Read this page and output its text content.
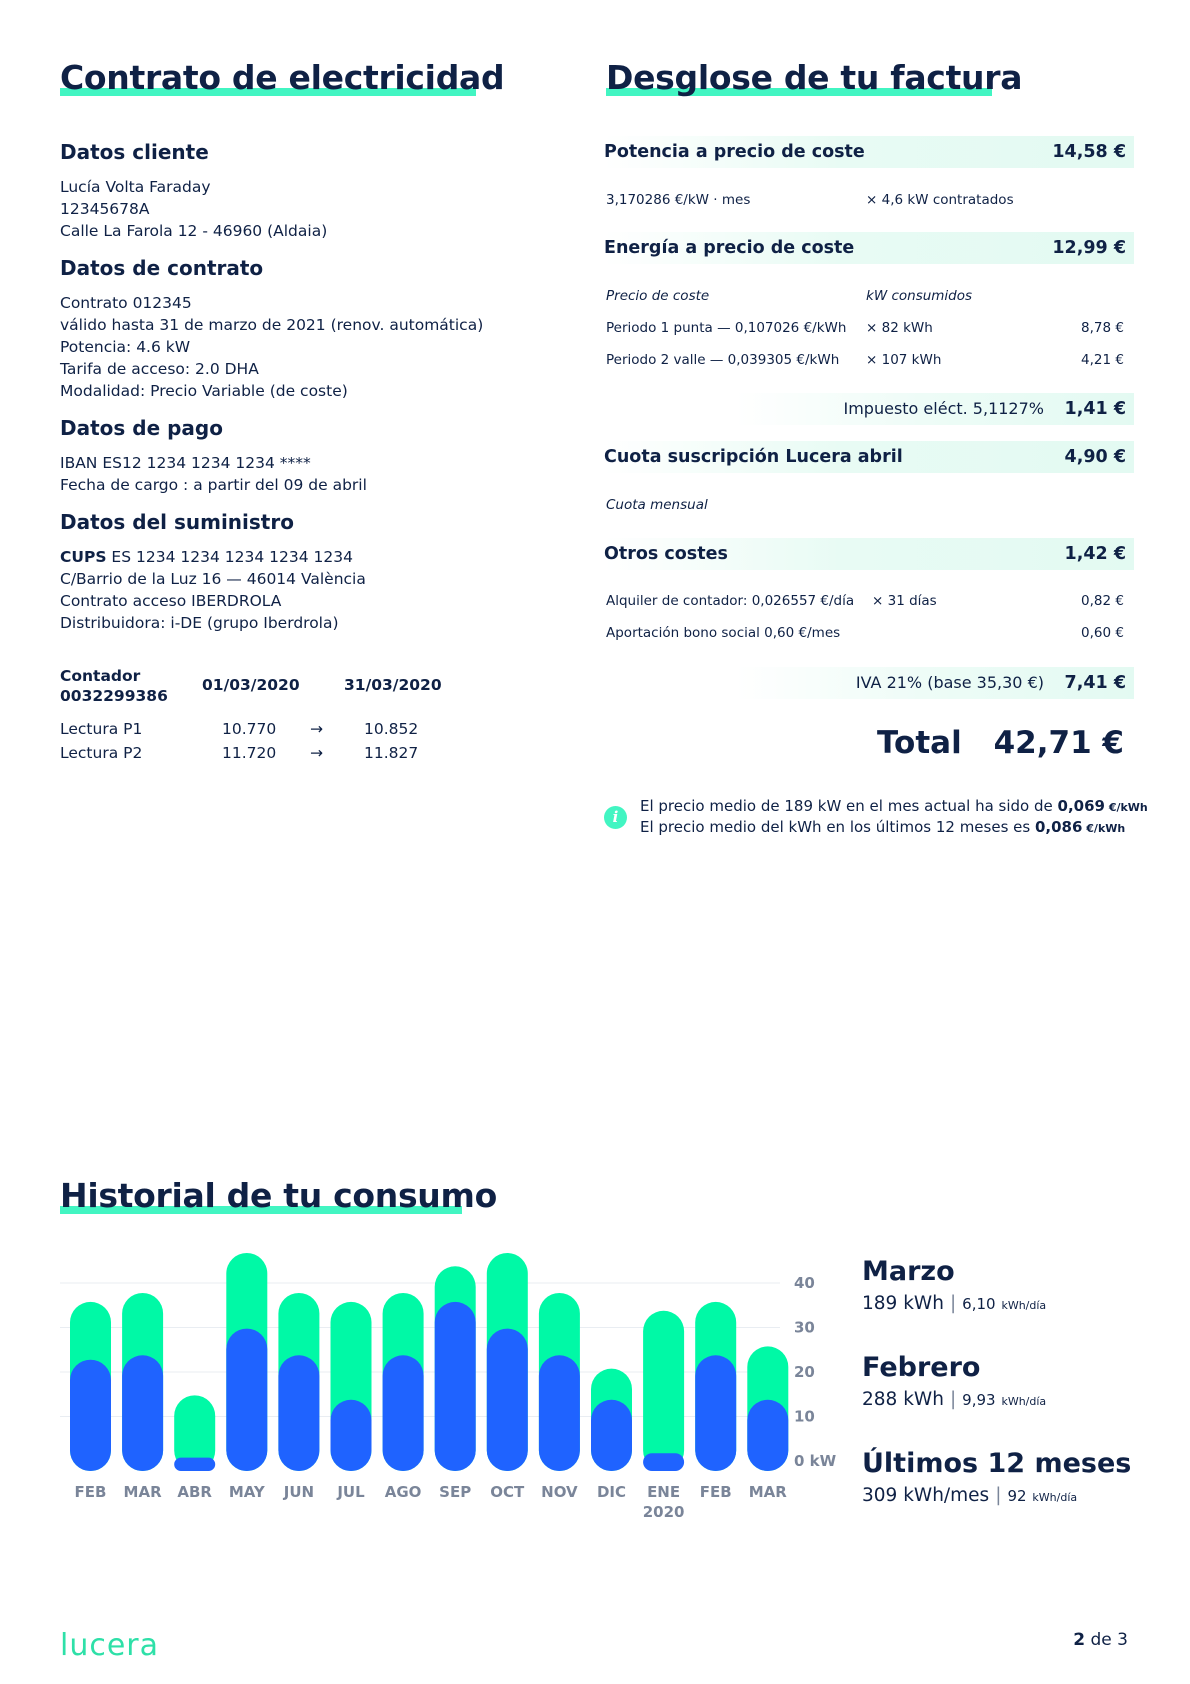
Contrato de electricidad
Datos cliente
Lucía Volta Faraday
12345678A
Calle La Farola 12 - 46960 (Aldaia)
Datos de contrato
Contrato 012345
válido hasta 31 de marzo de 2021 (renov. automática)
Potencia: 4.6 kW
Tarifa de acceso: 2.0 DHA
Modalidad: Precio Variable (de coste)
Datos de pago
IBAN ES12 1234 1234 1234 ****
Fecha de cargo : a partir del 09 de abril
Datos del suministro
CUPS ES 1234 1234 1234 1234 1234
C/Barrio de la Luz 16 — 46014 València
Contrato acceso IBERDROLA
Distribuidora: i-DE (grupo Iberdrola)
Contador
0032299386
01/03/2020	31/03/2020
Lectura P1	10.770 →	10.852
Lectura P2	11.720 →	11.827
Desglose de tu factura
Potencia a precio de coste	14,58 €
3,170286 €/kW · mes	× 4,6 kW contratados
Energía a precio de coste	12,99 €
Precio de coste	kW consumidos
Periodo 1 punta — 0,107026 €/kWh × 82 kWh	8,78 €
Periodo 2 valle — 0,039305 €/kWh × 107 kWh	4,21 €
Impuesto eléct. 5,1127% 1,41 €
Cuota suscripción Lucera abril	4,90 €
Cuota mensual
Otros costes	1,42 €
Alquiler de contador: 0,026557 €/día × 31 días	0,82 €
Aportación bono social 0,60 €/mes	0,60 €
IVA 21% (base 35,30 €) 7,41 €
Total 42,71 €
i
El precio medio de 189 kW en el mes actual ha sido de 0,069 €/kWh
El precio medio del kWh en los últimos 12 meses es 0,086 €/kWh
Historial de tu consumo
0 kW
10
20
30
40
FEB MAR ABR MAY JUN JUL AGO SEP OCT NOV DIC ENE
2020
FEB MAR
Marzo
189 kWh | 6,10 kWh/día
Febrero
288 kWh | 9,93 kWh/día
Últimos 12 meses
309 kWh/mes | 92 kWh/día
lucera	2 de 3
